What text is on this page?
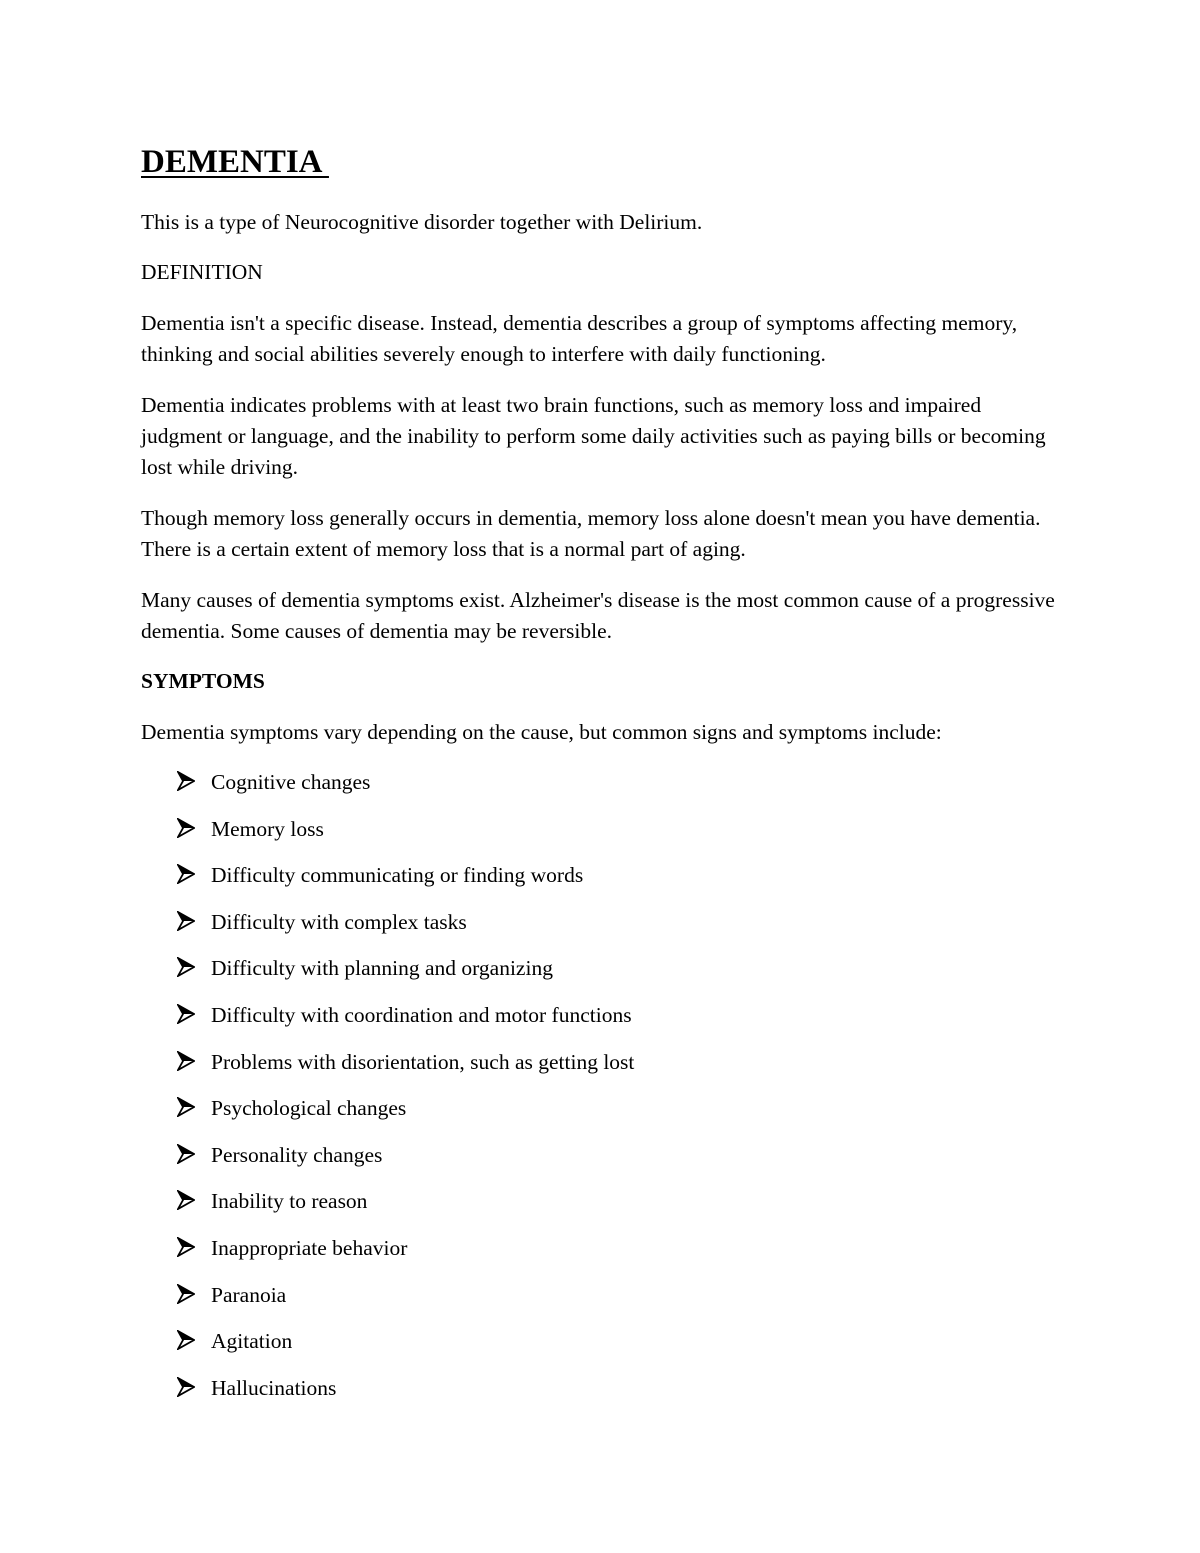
DEMENTIA

This is a type of Neurocognitive disorder together with Delirium.

DEFINITION

Dementia isn't a specific disease. Instead, dementia describes a group of symptoms affecting memory, thinking and social abilities severely enough to interfere with daily functioning.

Dementia indicates problems with at least two brain functions, such as memory loss and impaired judgment or language, and the inability to perform some daily activities such as paying bills or becoming lost while driving.

Though memory loss generally occurs in dementia, memory loss alone doesn't mean you have dementia. There is a certain extent of memory loss that is a normal part of aging.

Many causes of dementia symptoms exist. Alzheimer's disease is the most common cause of a progressive dementia. Some causes of dementia may be reversible.

SYMPTOMS

Dementia symptoms vary depending on the cause, but common signs and symptoms include:

Cognitive changes
Memory loss
Difficulty communicating or finding words
Difficulty with complex tasks
Difficulty with planning and organizing
Difficulty with coordination and motor functions
Problems with disorientation, such as getting lost
Psychological changes
Personality changes
Inability to reason
Inappropriate behavior
Paranoia
Agitation
Hallucinations
